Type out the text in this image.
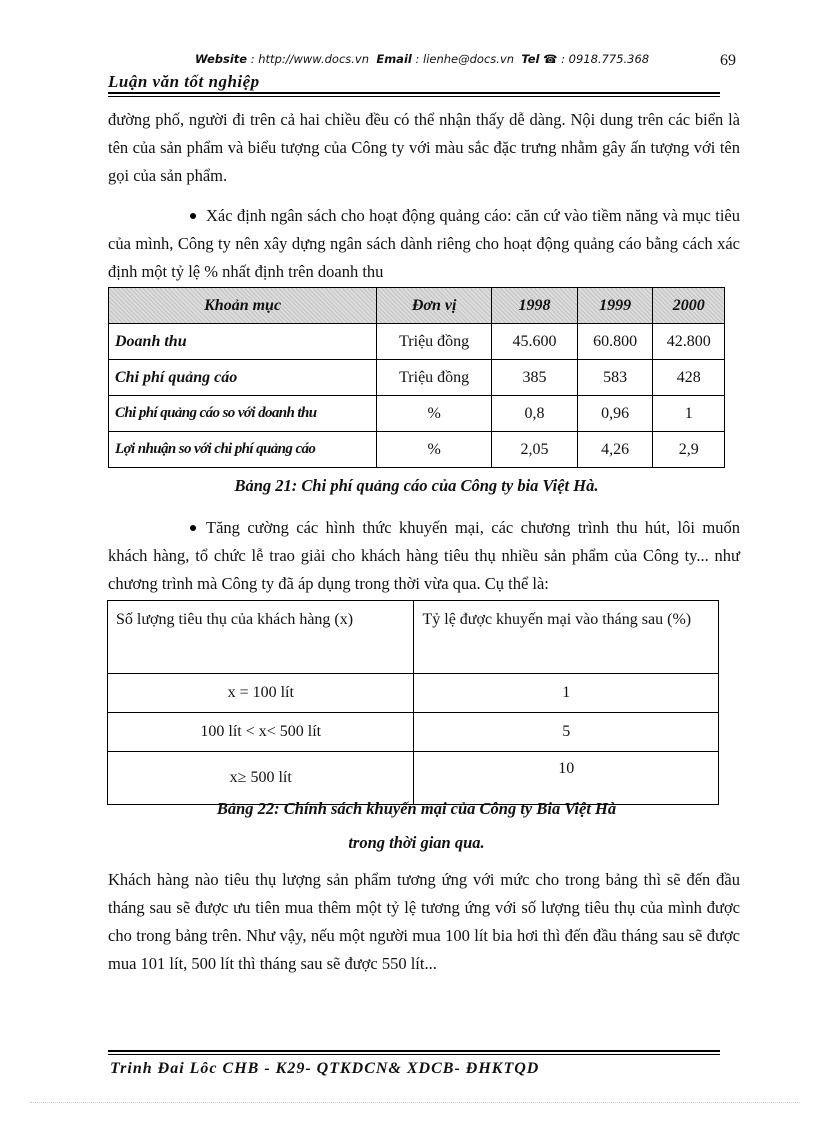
Website : http://www.docs.vn Email : lienhe@docs.vn Tel ☎ : 0918.775.368	69
Luận văn tốt nghiệp
đường phố, người đi trên cả hai chiều đều có thể nhận thấy dễ dàng. Nội dung trên các biển là tên của sản phẩm và biểu tượng của Công ty với màu sắc đặc trưng nhằm gây ấn tượng với tên gọi của sản phẩm.
Xác định ngân sách cho hoạt động quảng cáo: căn cứ vào tiềm năng và mục tiêu của mình, Công ty nên xây dựng ngân sách dành riêng cho hoạt động quảng cáo bằng cách xác định một tỷ lệ % nhất định trên doanh thu
Khoản mục	Đơn vị	1998	1999	2000
Doanh thu	Triệu đồng	45.600	60.800	42.800
Chi phí quảng cáo	Triệu đồng	385	583	428
Chi phí quảng cáo so với doanh thu	%	0,8	0,96	1
Lợi nhuận so với chi phí quảng cáo	%	2,05	4,26	2,9
Bảng 21: Chi phí quảng cáo của Công ty bia Việt Hà.
Tăng cường các hình thức khuyến mại, các chương trình thu hút, lôi muốn khách hàng, tổ chức lễ trao giải cho khách hàng tiêu thụ nhiều sản phẩm của Công ty... như chương trình mà Công ty đã áp dụng trong thời vừa qua. Cụ thể là:
Số lượng tiêu thụ của khách hàng (x)	Tỷ lệ được khuyến mại vào tháng sau (%)
x = 100 lít	1
100 lít < x< 500 lít	5
x≥ 500 lít	10
Bảng 22: Chính sách khuyến mại của Công ty Bia Việt Hà
trong thời gian qua.
Khách hàng nào tiêu thụ lượng sản phẩm tương ứng với mức cho trong bảng thì sẽ đến đầu tháng sau sẽ được ưu tiên mua thêm một tỷ lệ tương ứng với số lượng tiêu thụ của mình được cho trong bảng trên. Như vậy, nếu một người mua 100 lít bia hơi thì đến đầu tháng sau sẽ được mua 101 lít, 500 lít thì tháng sau sẽ được 550 lít...
Trinh Đai Lôc CHB - K29- QTKDCN& XDCB- ĐHKTQD
